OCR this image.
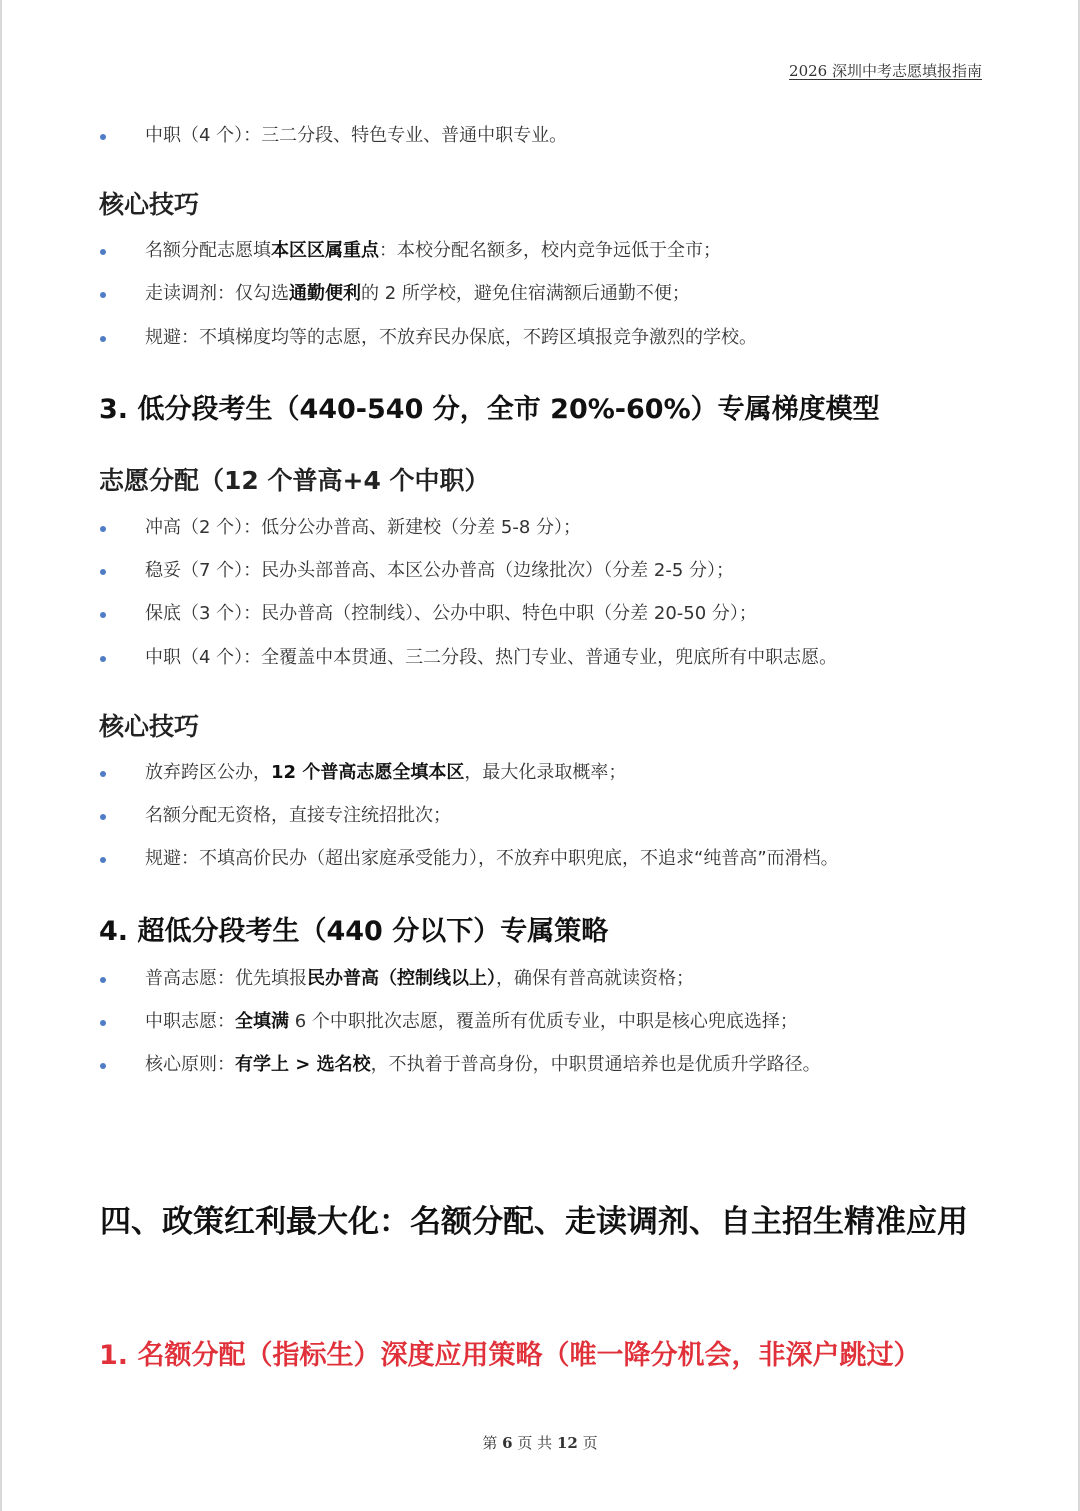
2026 深圳中考志愿填报指南
中职（4 个）：三二分段、特色专业、普通中职专业。
核心技巧
名额分配志愿填本区区属重点：本校分配名额多，校内竞争远低于全市；
走读调剂：仅勾选通勤便利的 2 所学校，避免住宿满额后通勤不便；
规避：不填梯度均等的志愿，不放弃民办保底，不跨区填报竞争激烈的学校。
3. 低分段考生（440-540 分，全市 20%-60%）专属梯度模型
志愿分配（12 个普高+4 个中职）
冲高（2 个）：低分公办普高、新建校（分差 5-8 分）；
稳妥（7 个）：民办头部普高、本区公办普高（边缘批次）（分差 2-5 分）；
保底（3 个）：民办普高（控制线）、公办中职、特色中职（分差 20-50 分）；
中职（4 个）：全覆盖中本贯通、三二分段、热门专业、普通专业，兜底所有中职志愿。
核心技巧
放弃跨区公办，12 个普高志愿全填本区，最大化录取概率；
名额分配无资格，直接专注统招批次；
规避：不填高价民办（超出家庭承受能力），不放弃中职兜底，不追求“纯普高”而滑档。
4. 超低分段考生（440 分以下）专属策略
普高志愿：优先填报民办普高（控制线以上），确保有普高就读资格；
中职志愿：全填满 6 个中职批次志愿，覆盖所有优质专业，中职是核心兜底选择；
核心原则：有学上 > 选名校，不执着于普高身份，中职贯通培养也是优质升学路径。
四、政策红利最大化：名额分配、走读调剂、自主招生精准应用
1. 名额分配（指标生）深度应用策略（唯一降分机会，非深户跳过）
第 6 页 共 12 页
